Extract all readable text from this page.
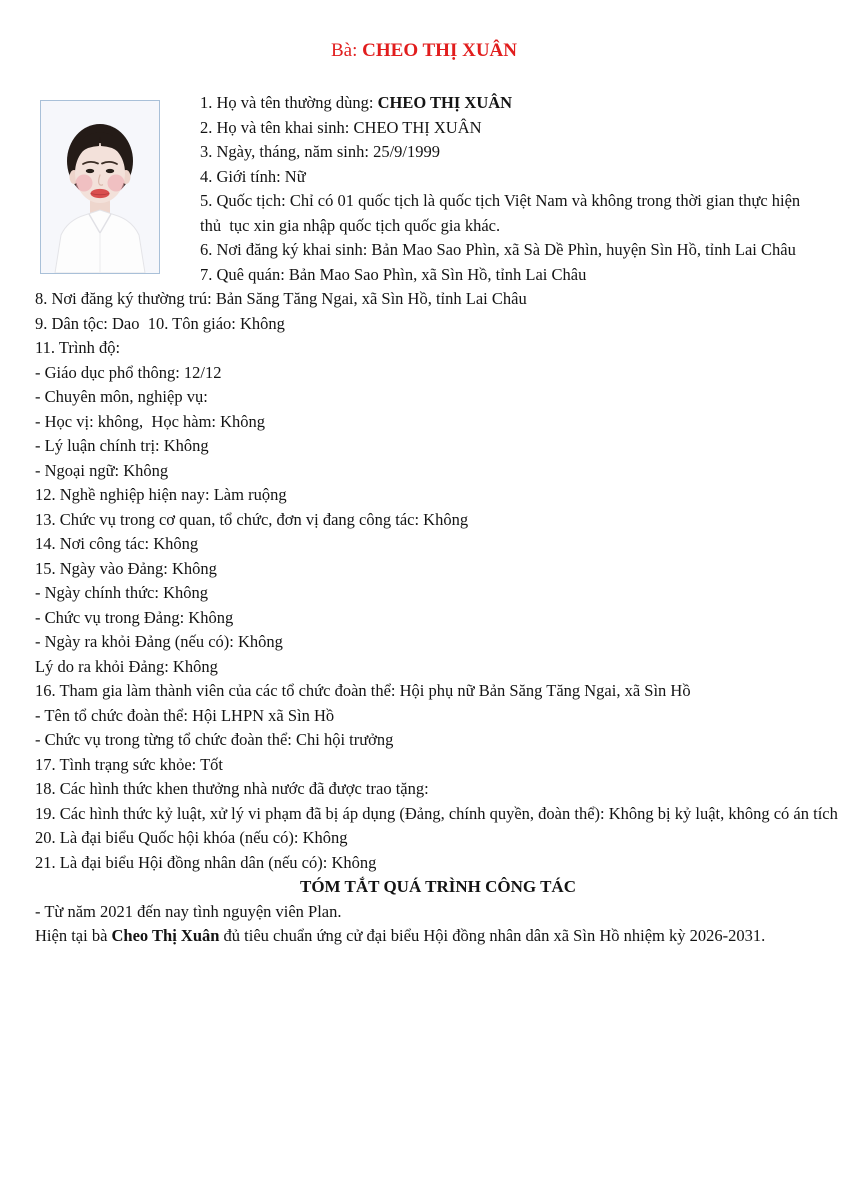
Bà: CHEO THỊ XUÂN

1. Họ và tên thường dùng: CHEO THỊ XUÂN

2. Họ và tên khai sinh: CHEO THỊ XUÂN

3. Ngày, tháng, năm sinh: 25/9/1999

4. Giới tính: Nữ

5. Quốc tịch: Chỉ có 01 quốc tịch là quốc tịch Việt Nam và không trong thời gian thực hiện thủ  tục xin gia nhập quốc tịch quốc gia khác.

6. Nơi đăng ký khai sinh: Bản Mao Sao Phìn, xã Sà Dề Phìn, huyện Sìn Hồ, tỉnh Lai Châu

7. Quê quán: Bản Mao Sao Phìn, xã Sìn Hồ, tỉnh Lai Châu

8. Nơi đăng ký thường trú: Bản Săng Tăng Ngai, xã Sìn Hồ, tỉnh Lai Châu

9. Dân tộc: Dao  10. Tôn giáo: Không

11. Trình độ:

- Giáo dục phổ thông: 12/12

- Chuyên môn, nghiệp vụ:

- Học vị: không,  Học hàm: Không

- Lý luận chính trị: Không

- Ngoại ngữ: Không

12. Nghề nghiệp hiện nay: Làm ruộng

13. Chức vụ trong cơ quan, tổ chức, đơn vị đang công tác: Không

14. Nơi công tác: Không

15. Ngày vào Đảng: Không

- Ngày chính thức: Không

- Chức vụ trong Đảng: Không

- Ngày ra khỏi Đảng (nếu có): Không

Lý do ra khỏi Đảng: Không

16. Tham gia làm thành viên của các tổ chức đoàn thể: Hội phụ nữ Bản Săng Tăng Ngai, xã Sìn Hồ

- Tên tổ chức đoàn thể: Hội LHPN xã Sìn Hồ

- Chức vụ trong từng tổ chức đoàn thể: Chi hội trưởng

17. Tình trạng sức khỏe: Tốt

18. Các hình thức khen thưởng nhà nước đã được trao tặng:

19. Các hình thức kỷ luật, xử lý vi phạm đã bị áp dụng (Đảng, chính quyền, đoàn thể): Không bị kỷ luật, không có án tích

20. Là đại biểu Quốc hội khóa (nếu có): Không

21. Là đại biểu Hội đồng nhân dân (nếu có): Không

TÓM TẮT QUÁ TRÌNH CÔNG TÁC

- Từ năm 2021 đến nay tình nguyện viên Plan.

Hiện tại bà Cheo Thị Xuân đủ tiêu chuẩn ứng cử đại biểu Hội đồng nhân dân xã Sìn Hồ nhiệm kỳ 2026-2031.
